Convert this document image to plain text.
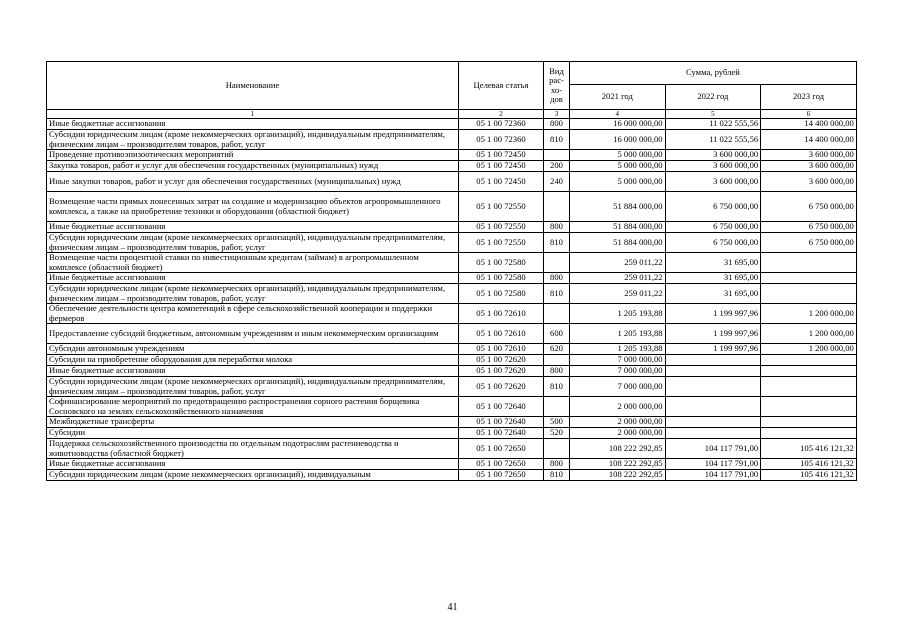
Наименование	Целевая статья	Вид рас-хо-дов	Сумма, рублей		
			2021 год	2022 год	2023 год
1	2	3	4	5	6
Иные бюджетные ассигнования	05 1 00 72360	800	16 000 000,00	11 022 555,56	14 400 000,00
Субсидии юридическим лицам (кроме некоммерческих организаций), индивидуальным предпринимателям, физическим лицам – производителям товаров, работ, услуг	05 1 00 72360	810	16 000 000,00	11 022 555,56	14 400 000,00
Проведение противоэпизоотических мероприятий	05 1 00 72450		5 000 000,00	3 600 000,00	3 600 000,00
Закупка товаров, работ и услуг для обеспечения государственных (муниципальных) нужд	05 1 00 72450	200	5 000 000,00	3 600 000,00	3 600 000,00
Иные закупки товаров, работ и услуг для обеспечения государственных (муниципальных) нужд	05 1 00 72450	240	5 000 000,00	3 600 000,00	3 600 000,00
Возмещение части прямых понесенных затрат на создание и модернизацию объектов агропромышленного комплекса, а также на приобретение техники и оборудования (областной бюджет)	05 1 00 72550		51 884 000,00	6 750 000,00	6 750 000,00
Иные бюджетные ассигнования	05 1 00 72550	800	51 884 000,00	6 750 000,00	6 750 000,00
Субсидии юридическим лицам (кроме некоммерческих организаций), индивидуальным предпринимателям, физическим лицам – производителям товаров, работ, услуг	05 1 00 72550	810	51 884 000,00	6 750 000,00	6 750 000,00
Возмещение части процентной ставки по инвестиционным кредитам (займам) в агропромышленном комплексе (областной бюджет)	05 1 00 72580		259 011,22	31 695,00	
Иные бюджетные ассигнования	05 1 00 72580	800	259 011,22	31 695,00	
Субсидии юридическим лицам (кроме некоммерческих организаций), индивидуальным предпринимателям, физическим лицам – производителям товаров, работ, услуг	05 1 00 72580	810	259 011,22	31 695,00	
Обеспечение деятельности центра компетенций в сфере сельскохозяйственной кооперации и поддержки фермеров	05 1 00 72610		1 205 193,88	1 199 997,96	1 200 000,00
Предоставление субсидий бюджетным, автономным учреждениям и иным некоммерческим организациям	05 1 00 72610	600	1 205 193,88	1 199 997,96	1 200 000,00
Субсидии автономным учреждениям	05 1 00 72610	620	1 205 193,88	1 199 997,96	1 200 000,00
Субсидии на приобретение оборудования для переработки молока	05 1 00 72620		7 000 000,00		
Иные бюджетные ассигнования	05 1 00 72620	800	7 000 000,00		
Субсидии юридическим лицам (кроме некоммерческих организаций), индивидуальным предпринимателям, физическим лицам – производителям товаров, работ, услуг	05 1 00 72620	810	7 000 000,00		
Софинансирование мероприятий по предотвращению распространения сорного растения борщевика Сосновского на землях сельскохозяйственного назначения	05 1 00 72640		2 000 000,00		
Межбюджетные трансферты	05 1 00 72640	500	2 000 000,00		
Субсидии	05 1 00 72640	520	2 000 000,00		
Поддержка сельскохозяйственного производства по отдельным подотраслям растениеводства и животноводства (областной бюджет)	05 1 00 72650		108 222 292,85	104 117 791,00	105 416 121,32
Иные бюджетные ассигнования	05 1 00 72650	800	108 222 292,85	104 117 791,00	105 416 121,32
Субсидии юридическим лицам (кроме некоммерческих организаций), индивидуальным	05 1 00 72650	810	108 222 292,85	104 117 791,00	105 416 121,32
41
